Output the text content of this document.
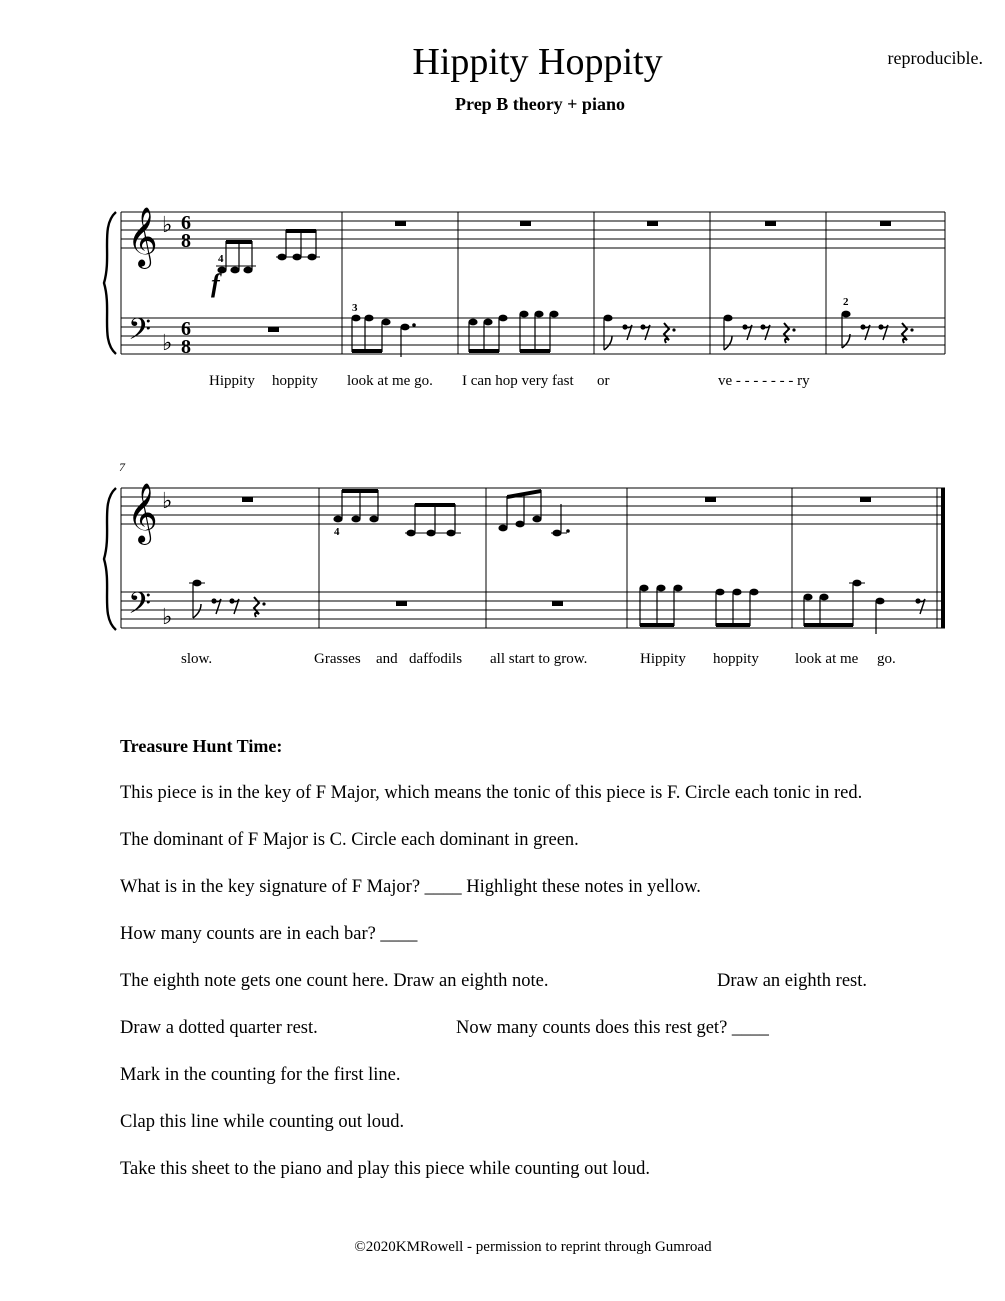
Hippity Hoppity
Prep B theory + piano
reproducible.
𝄞
𝄢
♭
♭
6
8
6
8
4
f
3	2
𝄞
𝄢
♭
♭
4
7
Hippity hoppity look at me go. I can hop very fast or	ve - - - - - - - ry
slow.	Grasses and daffodils all start to grow.	Hippity hoppity look at me go.
Treasure Hunt Time:
This piece is in the key of F Major, which means the tonic of this piece is F. Circle each tonic in red.
The dominant of F Major is C. Circle each dominant in green.
What is in the key signature of F Major? ____ Highlight these notes in yellow.
How many counts are in each bar? ____
The eighth note gets one count here. Draw an eighth note.	Draw an eighth rest.
Draw a dotted quarter rest.	Now many counts does this rest get? ____
Mark in the counting for the first line.
Clap this line while counting out loud.
Take this sheet to the piano and play this piece while counting out loud.
©2020KMRowell - permission to reprint through Gumroad
